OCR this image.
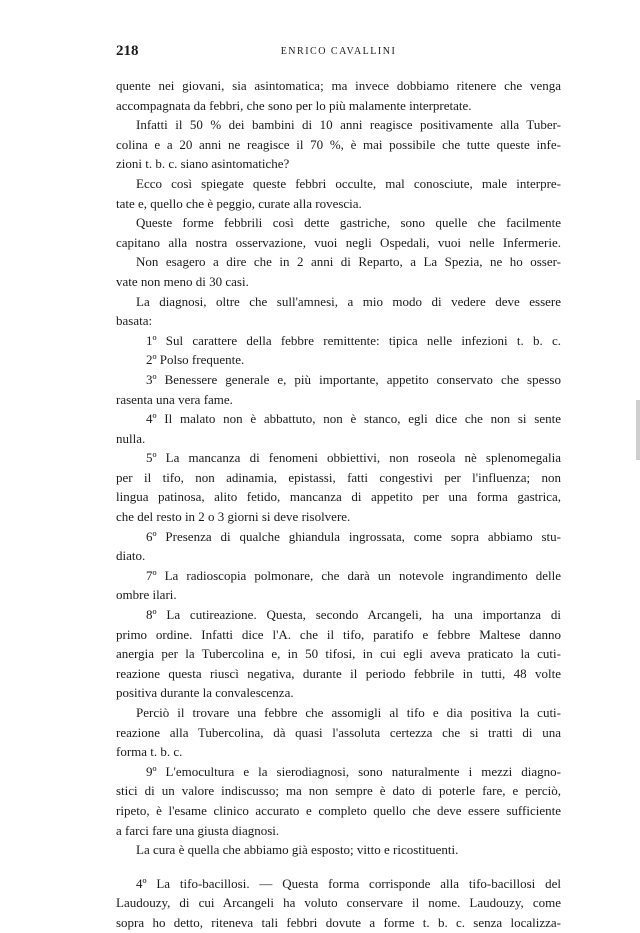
218	ENRICO CAVALLINI
quente nei giovani, sia asintomatica; ma invece dobbiamo ritenere che venga
accompagnata da febbri, che sono per lo più malamente interpretate.
Infatti il 50 % dei bambini di 10 anni reagisce positivamente alla Tuber-
colina e a 20 anni ne reagisce il 70 %, è mai possibile che tutte queste infe-
zioni t. b. c. siano asintomatiche?
Ecco così spiegate queste febbri occulte, mal conosciute, male interpre-
tate e, quello che è peggio, curate alla rovescia.
Queste forme febbrili così dette gastriche, sono quelle che facilmente
capitano alla nostra osservazione, vuoi negli Ospedali, vuoi nelle Infermerie.
Non esagero a dire che in 2 anni di Reparto, a La Spezia, ne ho osser-
vate non meno di 30 casi.
La diagnosi, oltre che sull'amnesi, a mio modo di vedere deve essere
basata:
1º Sul carattere della febbre remittente: tipica nelle infezioni t. b. c.
2º Polso frequente.
3º Benessere generale e, più importante, appetito conservato che spesso
rasenta una vera fame.
4º Il malato non è abbattuto, non è stanco, egli dice che non si sente
nulla.
5º La mancanza di fenomeni obbiettivi, non roseola nè splenomegalia
per il tifo, non adinamia, epistassi, fatti congestivi per l'influenza; non
lingua patinosa, alito fetido, mancanza di appetito per una forma gastrica,
che del resto in 2 o 3 giorni si deve risolvere.
6º Presenza di qualche ghiandula ingrossata, come sopra abbiamo stu-
diato.
7º La radioscopia polmonare, che darà un notevole ingrandimento delle
ombre ilari.
8º La cutireazione. Questa, secondo Arcangeli, ha una importanza di
primo ordine. Infatti dice l'A. che il tifo, paratifo e febbre Maltese danno
anergia per la Tubercolina e, in 50 tifosi, in cui egli aveva praticato la cuti-
reazione questa riuscì negativa, durante il periodo febbrile in tutti, 48 volte
positiva durante la convalescenza.
Perciò il trovare una febbre che assomigli al tifo e dia positiva la cuti-
reazione alla Tubercolina, dà quasi l'assoluta certezza che si tratti di una
forma t. b. c.
9º L'emocultura e la sierodiagnosi, sono naturalmente i mezzi diagno-
stici di un valore indiscusso; ma non sempre è dato di poterle fare, e perciò,
ripeto, è l'esame clinico accurato e completo quello che deve essere sufficiente
a farci fare una giusta diagnosi.
La cura è quella che abbiamo già esposto; vitto e ricostituenti.
4º La tifo-bacillosi. — Questa forma corrisponde alla tifo-bacillosi del
Laudouzy, di cui Arcangeli ha voluto conservare il nome. Laudouzy, come
sopra ho detto, riteneva tali febbri dovute a forme t. b. c. senza localizza-
